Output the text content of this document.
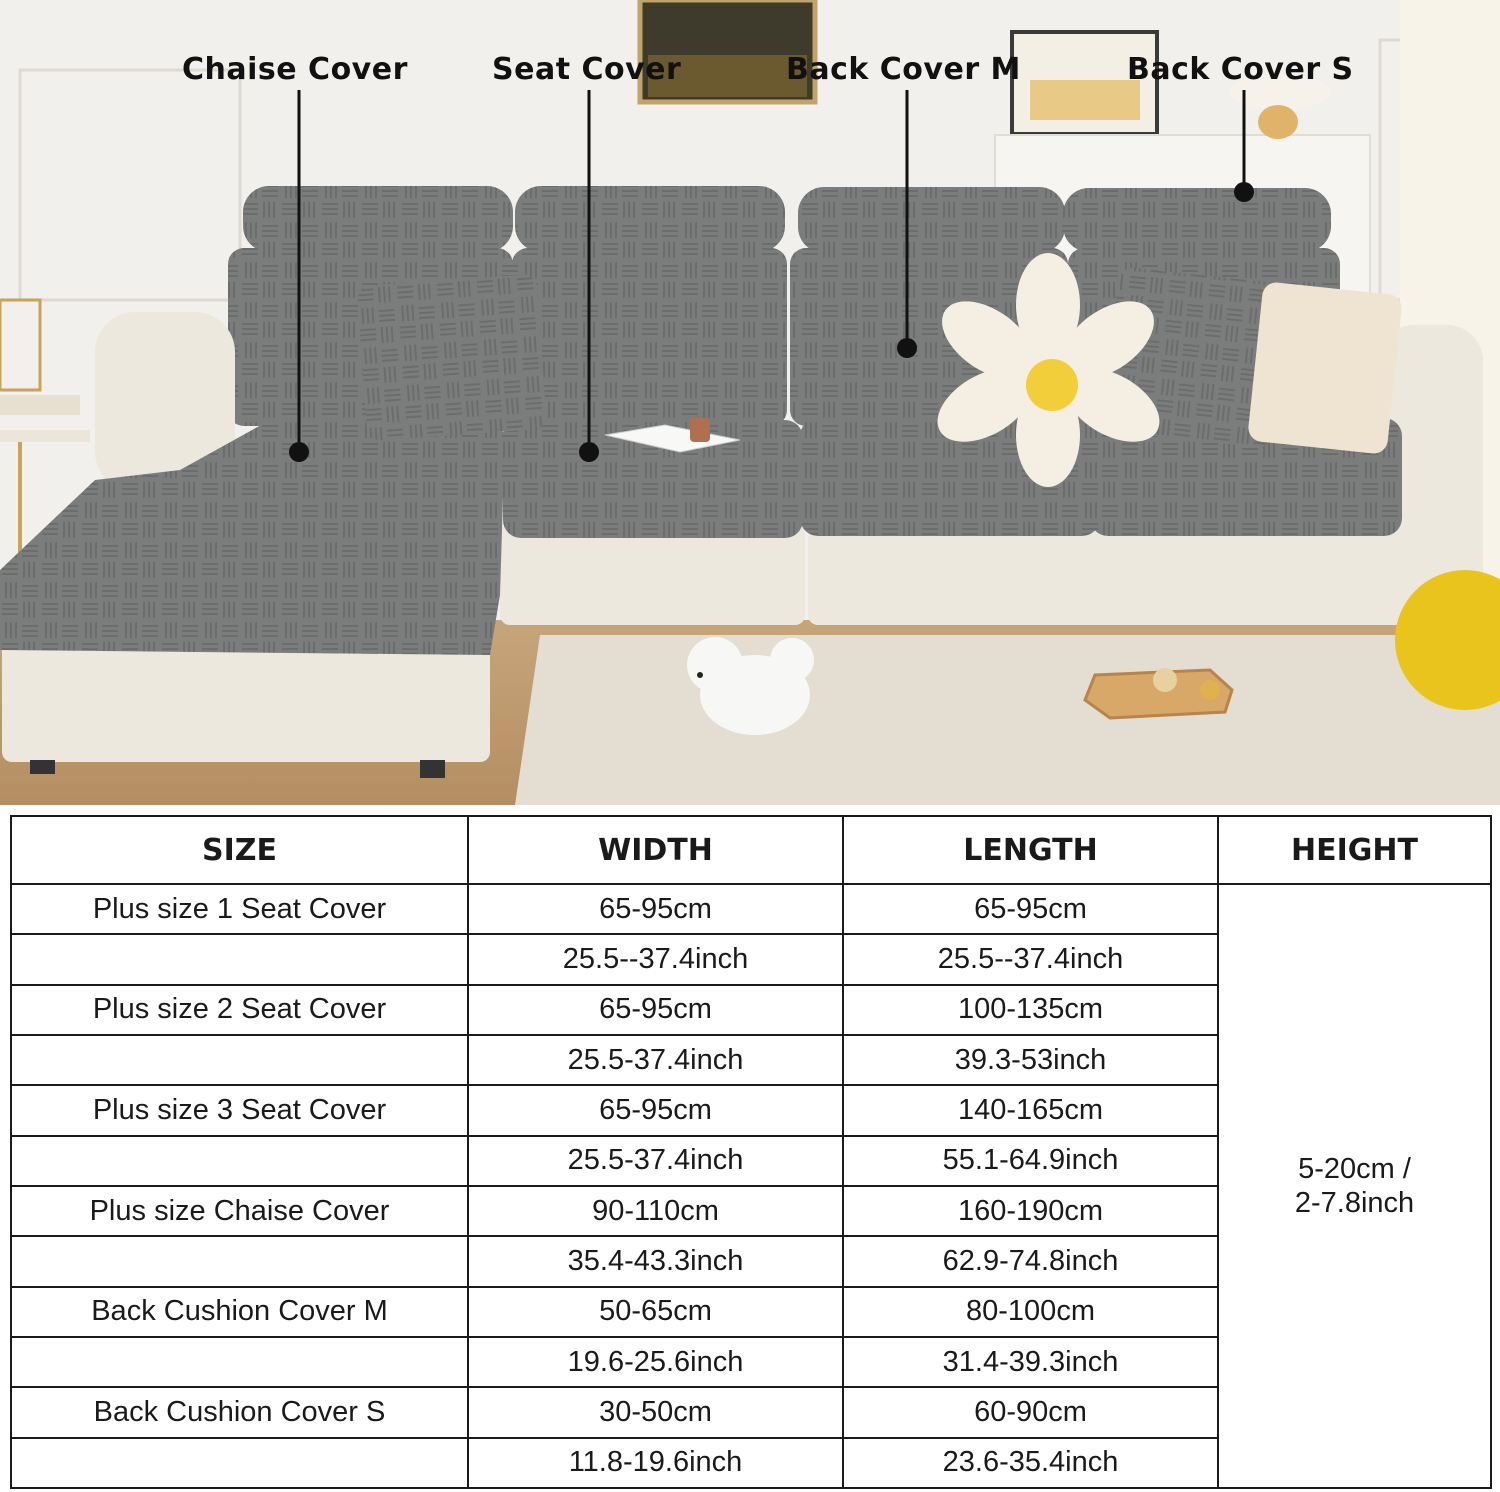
Chaise Cover	Seat Cover	Back Cover M	Back Cover S
SIZE	WIDTH	LENGTH	HEIGHT
Plus size 1 Seat Cover	65-95cm	65-95cm	5-20cm /
2-7.8inch

	25.5--37.4inch	25.5--37.4inch	
Plus size 2 Seat Cover	65-95cm	100-135cm	
	25.5-37.4inch	39.3-53inch	
Plus size 3 Seat Cover	65-95cm	140-165cm	
	25.5-37.4inch	55.1-64.9inch	
Plus size Chaise Cover	90-110cm	160-190cm	
	35.4-43.3inch	62.9-74.8inch	
Back Cushion Cover M	50-65cm	80-100cm	
	19.6-25.6inch	31.4-39.3inch	
Back Cushion Cover S	30-50cm	60-90cm	
	11.8-19.6inch	23.6-35.4inch	
